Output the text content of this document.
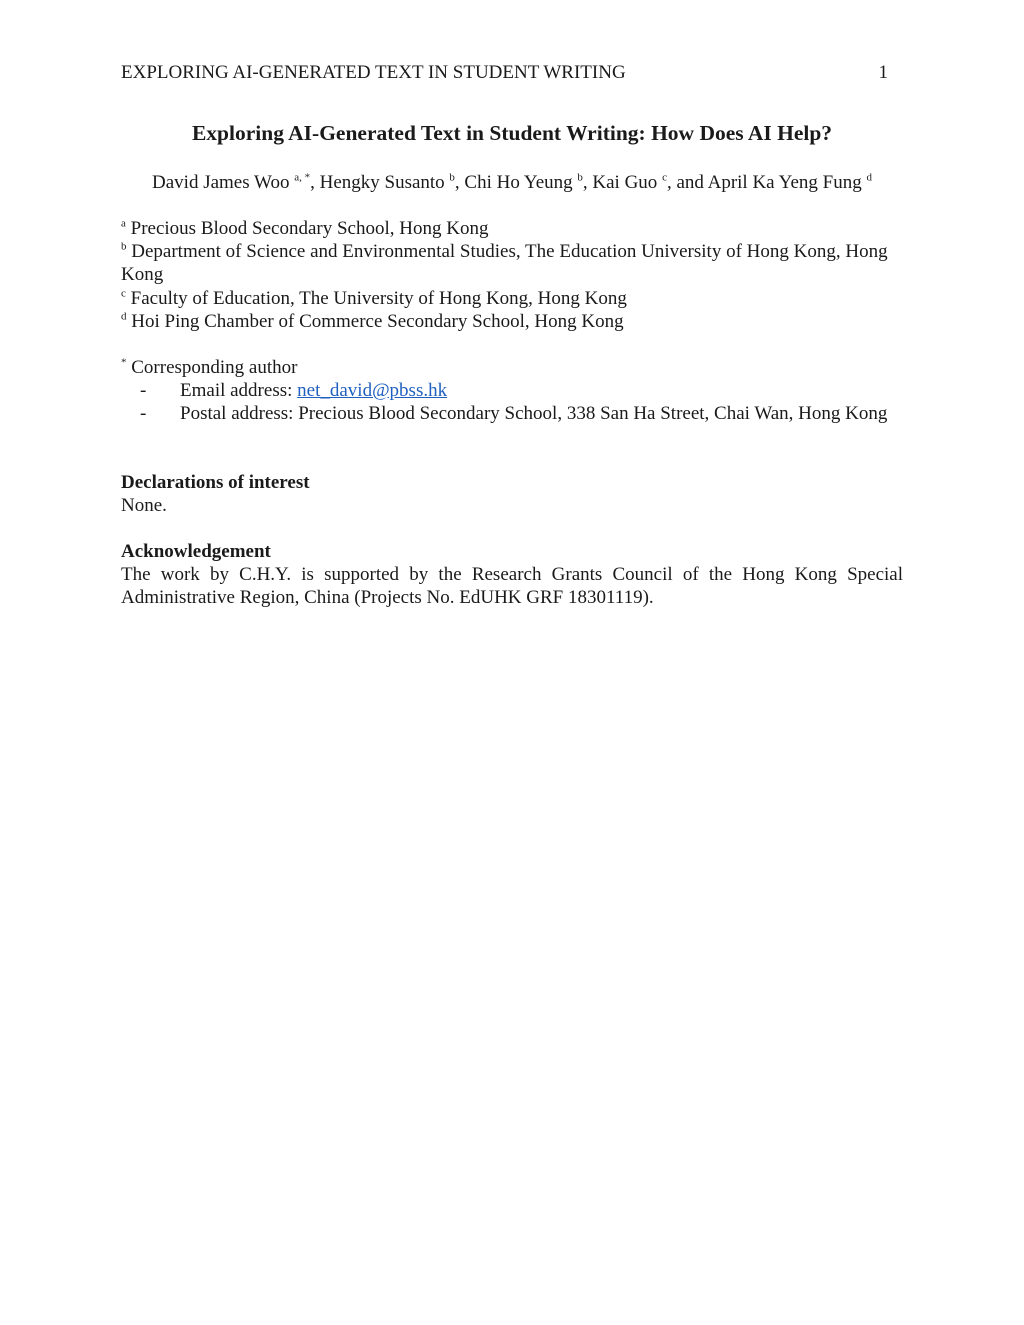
EXPLORING AI-GENERATED TEXT IN STUDENT WRITING	1
Exploring AI-Generated Text in Student Writing: How Does AI Help?
David James Woo $^{a, *}$, Hengky Susanto $^b$, Chi Ho Yeung $^b$, Kai Guo $^c$, and April Ka Yeng Fung $^d$
$^a$ Precious Blood Secondary School, Hong Kong
$^b$ Department of Science and Environmental Studies, The Education University of Hong Kong, Hong Kong
$^c$ Faculty of Education, The University of Hong Kong, Hong Kong
$^d$ Hoi Ping Chamber of Commerce Secondary School, Hong Kong
* Corresponding author
-	Email address: net_david@pbss.hk
-	Postal address: Precious Blood Secondary School, 338 San Ha Street, Chai Wan, Hong Kong
Declarations of interest
None.
Acknowledgement
The work by C.H.Y. is supported by the Research Grants Council of the Hong Kong Special Administrative Region, China (Projects No. EdUHK GRF 18301119).
